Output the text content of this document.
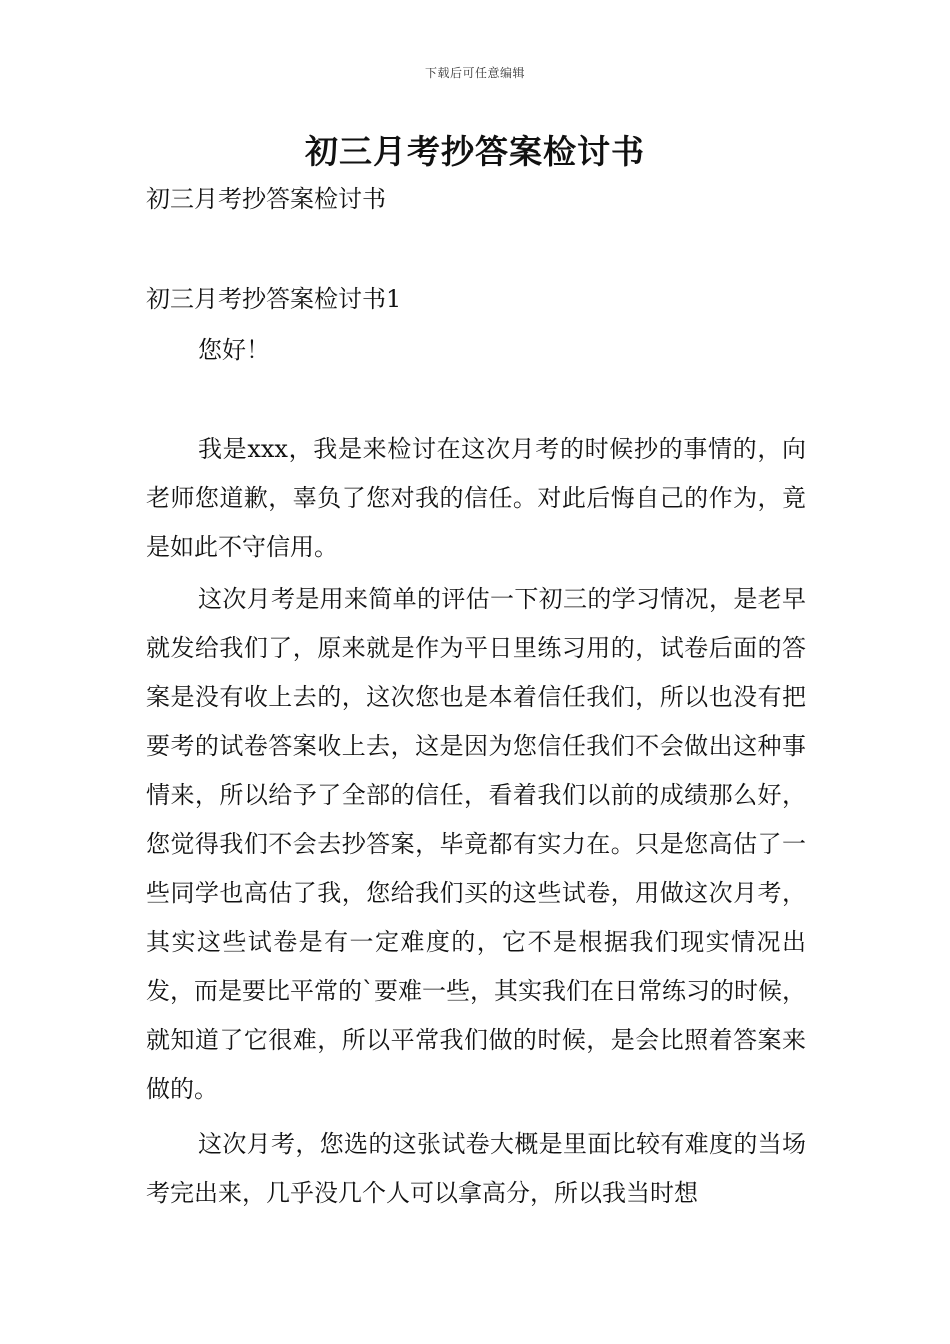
下载后可任意编辑
初三月考抄答案检讨书

初三月考抄答案检讨书

初三月考抄答案检讨书1

您好！

我是xxx，我是来检讨在这次月考的时候抄的事情的，向老师您道歉，辜负了您对我的信任。对此后悔自己的作为，竟是如此不守信用。

这次月考是用来简单的评估一下初三的学习情况，是老早就发给我们了，原来就是作为平日里练习用的，试卷后面的答案是没有收上去的，这次您也是本着信任我们，所以也没有把要考的试卷答案收上去，这是因为您信任我们不会做出这种事情来，所以给予了全部的信任，看着我们以前的成绩那么好，您觉得我们不会去抄答案，毕竟都有实力在。只是您高估了一些同学也高估了我，您给我们买的这些试卷，用做这次月考，其实这些试卷是有一定难度的，它不是根据我们现实情况出发，而是要比平常的`要难一些，其实我们在日常练习的时候，就知道了它很难，所以平常我们做的时候，是会比照着答案来做的。

这次月考，您选的这张试卷大概是里面比较有难度的当场考完出来，几乎没几个人可以拿高分，所以我当时想
